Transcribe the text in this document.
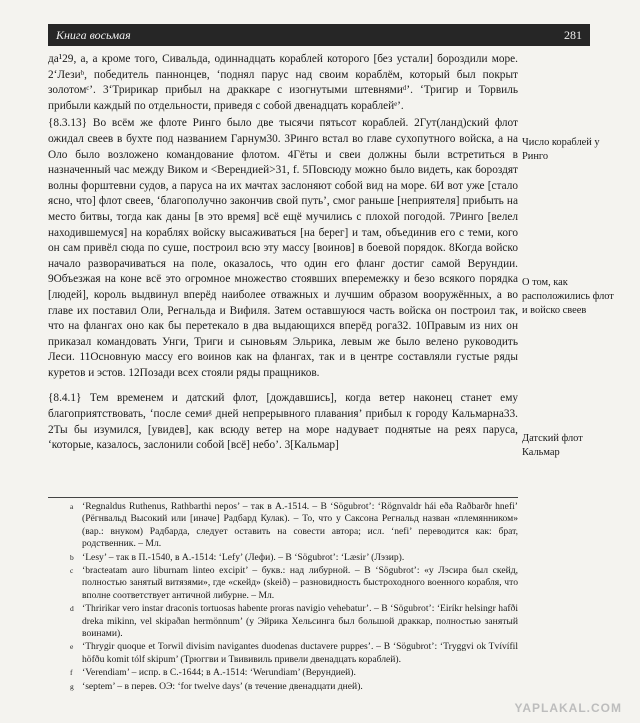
Книга восьмая	281

да¹29, a, а кроме того, Сивальда, одиннадцать кораблей которого [без устали] бороздили море. 2‘Лезиᵇ, победитель паннонцев, ‘поднял парус над своим кораблём, который был покрыт золотомᶜ’. 3‘Тририкар прибыл на драккаре с изогнутыми штевнямиᵈ’. ‘Тригир и Торвиль прибыли каждый по отдельности, приведя с собой двенадцать кораблейᵉ’.

{8.3.13} Во всём же флоте Ринго было две тысячи пятьсот кораблей. 2Гут(ланд)ский флот ожидал свеев в бухте под названием Гарнум30. 3Ринго встал во главе сухопутного войска, а на Оло было возложено командование флотом. 4Гёты и свеи должны были встретиться в назначенный час между Виком и <Верендией>31, f. 5Повсюду можно было видеть, как бороздят волны форштевни судов, а паруса на их мачтах заслоняют собой вид на море. 6И вот уже [стало ясно, что] флот свеев, ‘благополучно закончив свой путь’, смог раньше [неприятеля] прибыть на место битвы, тогда как даны [в это время] всё ещё мучились с плохой погодой. 7Ринго [велел находившемуся] на кораблях войску высаживаться [на берег] и там, объединив его с теми, кого он сам привёл сюда по суше, построил всю эту массу [воинов] в боевой порядок. 8Когда войско начало разворачиваться на поле, оказалось, что один его фланг достиг самой Верундии. 9Объезжая на коне всё это огромное множество стоявших вперемежку и безо всякого порядка [людей], король выдвинул вперёд наиболее отважных и лучшим образом вооружённых, а во главе их поставил Оли, Регнальда и Вифиля. Затем оставшуюся часть войска он построил так, что на флангах оно как бы перетекало в два выдающихся вперёд рога32. 10Правым из них он приказал командовать Унги, Триги и сыновьям Эльрика, левым же было велено руководить Леси. 11Основную массу его воинов как на флангах, так и в центре составляли густые ряды куретов и эстов. 12Позади всех стояли ряды пращников.

{8.4.1} Тем временем и датский флот, [дождавшись], когда ветер наконец станет ему благоприятствовать, ‘после семиᵍ дней непрерывного плавания’ прибыл к городу Кальмарна33. 2Ты бы изумился, [увидев], как всюду ветер на море надувает поднятые на реях паруса, ‘которые, казалось, заслонили собой [всё] небо’. 3[Кальмар]

Число кораблей у Ринго
О том, как расположились флот и войско свеев
Датский флот Кальмар

a ‘Regnaldus Ruthenus, Rathbarthi nepos’ – так в A.-1514. – В ‘Sögubrot’: ‘Rögnvaldr hái eða Raðbarðr hnefi’ (Рёгнвальд Высокий или [иначе] Радбард Кулак). – То, что у Саксона Регнальд назван «племянником» (вар.: внуком) Радбарда, следует оставить на совести автора; исл. ‘nefi’ переводится как: брат, родственник. – Мл.

b ‘Lesy’ – так в П.-1540, в A.-1514: ‘Lefy’ (Лефи). – В ‘Sögubrot’: ‘Læsir’ (Лэзир).

c ‘bracteatam auro liburnam linteo excipit’ – букв.: над либурной. – В ‘Sögubrot’: «у Лэсира был скейд, полностью занятый витязями», где «скейд» (skeið) – разновидность быстроходного военного корабля, что вполне соответствует античной либурне. – Мл.

d ‘Thririkar vero instar draconis tortuosas habente proras navigio vehebatur’. – В ‘Sögubrot’: ‘Eiríkr helsingr hafði dreka mikinn, vel skipaðan hermönnum’ (у Эйрика Хельсинга был большой драккар, полностью занятый воинами).

e ‘Thrygir quoque et Torwil divisim navigantes duodenas ductavere puppes’. – В ‘Sögubrot’: ‘Tryggvi ok Tvívífil höfðu komit tólf skipum’ (Трюггви и Твививиль привели двенадцать кораблей).

f ‘Verendiam’ – испр. в С.-1644; в A.-1514: ‘Werundiam’ (Верундией).

g ‘septem’ – в перев. ОЭ: ‘for twelve days’ (в течение двенадцати дней).

YAPLAKAL.COM
